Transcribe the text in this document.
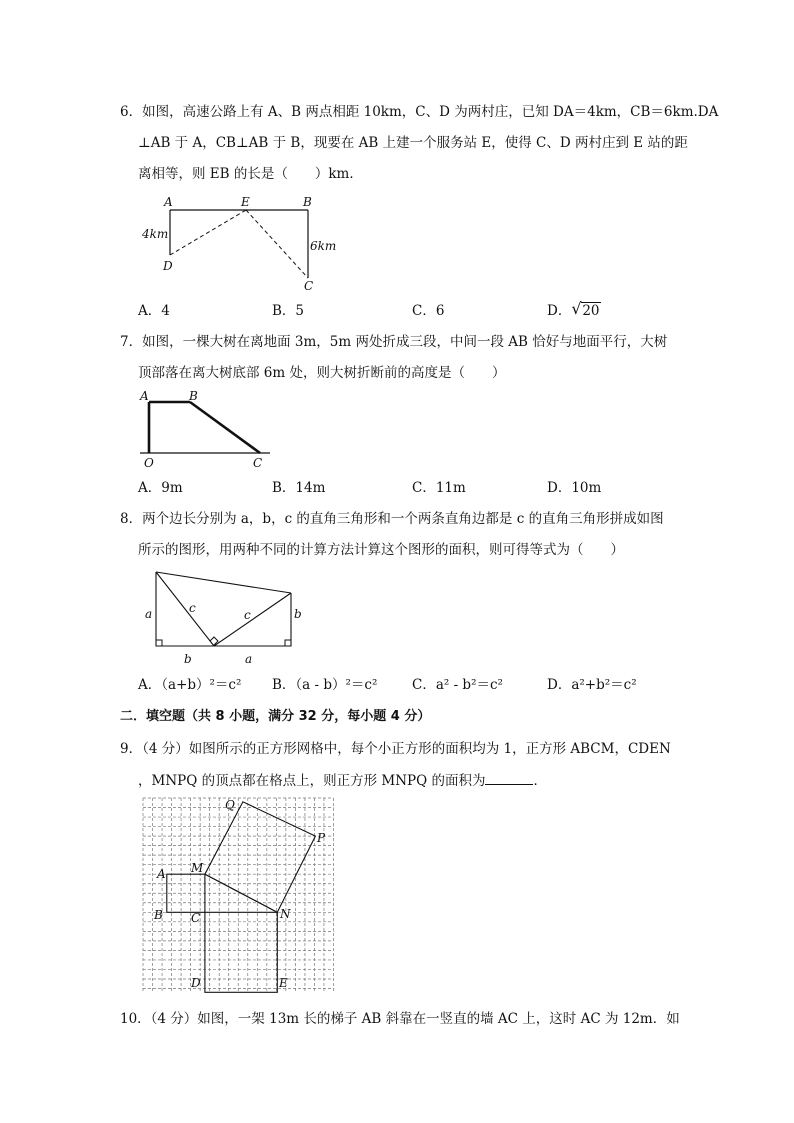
6．如图，高速公路上有 A、B 两点相距 10km，C、D 为两村庄，已知 DA＝4km，CB＝6km.DA
⊥AB 于 A，CB⊥AB 于 B，现要在 AB 上建一个服务站 E，使得 C、D 两村庄到 E 站的距
离相等，则 EB 的长是（　　）km．
A	E	B
D
C
4km
6km
A．4	B．5	C．6	D． √ 20
7．如图，一棵大树在离地面 3m，5m 两处折成三段，中间一段 AB 恰好与地面平行，大树
顶部落在离大树底部 6m 处，则大树折断前的高度是（　　）
A	B
O	C
A．9m	B．14m	C．11m	D．10m
8．两个边长分别为 a，b，c 的直角三角形和一个两条直角边都是 c 的直角三角形拼成如图
所示的图形，用两种不同的计算方法计算这个图形的面积，则可得等式为（　　）
a	c	c	b
b	a
A．（a+b）²＝c² B．（a - b）²＝c²	C．a² - b²＝c²	D．a²+b²＝c²
二．填空题（共 8 小题，满分 32 分，每小题 4 分）
9．（4 分）如图所示的正方形网格中，每个小正方形的面积均为 1，正方形 ABCM，CDEN
，MNPQ 的顶点都在格点上，则正方形 MNPQ 的面积为	．
Q
P
M
A
B C	N
D	E
10．（4 分）如图，一架 13m 长的梯子 AB 斜靠在一竖直的墙 AC 上，这时 AC 为 12m．如
